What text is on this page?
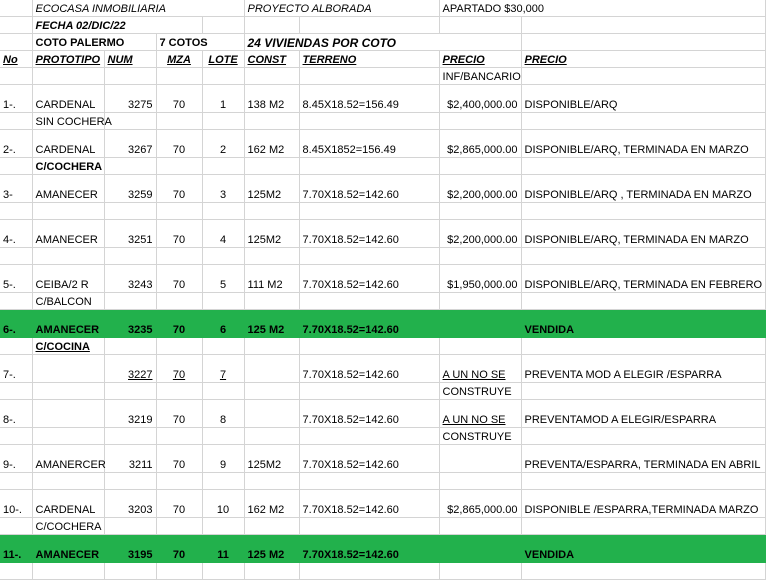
	ECOCASA INMOBILIARIA				PROYECTO ALBORADA		APARTADO $30,000	
	FECHA 02/DIC/22							
	COTO PALERMO		7 COTOS		24 VIVIENDAS POR COTO			
No	PROTOTIPO	NUM	MZA	LOTE	CONST	TERRENO	PRECIO	PRECIO
							INF/BANCARIO	
1-.	CARDENAL	3275	70	1	138 M2	8.45X18.52=156.49	$2,400,000.00	DISPONIBLE/ARQ
	SIN COCHERA							
2-.	CARDENAL	3267	70	2	162 M2	8.45X1852=156.49	$2,865,000.00	DISPONIBLE/ARQ, TERMINADA EN MARZO
	C/COCHERA							
3-	AMANECER	3259	70	3	125M2	7.70X18.52=142.60	$2,200,000.00	DISPONIBLE/ARQ , TERMINADA EN MARZO

4-.	AMANECER	3251	70	4	125M2	7.70X18.52=142.60	$2,200,000.00	DISPONIBLE/ARQ, TERMINADA EN MARZO

5-.	CEIBA/2 R	3243	70	5	111 M2	7.70X18.52=142.60	$1,950,000.00	DISPONIBLE/ARQ, TERMINADA EN FEBRERO
	C/BALCON							
6-.	AMANECER	3235	70	6	125 M2	7.70X18.52=142.60		VENDIDA
	C/COCINA							
7-.		3227	70	7		7.70X18.52=142.60	A UN NO SE	PREVENTA MOD A ELEGIR /ESPARRA
							CONSTRUYE	
8-.		3219	70	8		7.70X18.52=142.60	A UN NO SE	PREVENTAMOD A ELEGIR/ESPARRA
							CONSTRUYE	
9-.	AMANERCER	3211	70	9	125M2	7.70X18.52=142.60		PREVENTA/ESPARRA, TERMINADA EN ABRIL

10-.	CARDENAL	3203	70	10	162 M2	7.70X18.52=142.60	$2,865,000.00	DISPONIBLE /ESPARRA,TERMINADA MARZO
	C/COCHERA							
11-.	AMANECER	3195	70	11	125 M2	7.70X18.52=142.60		VENDIDA
